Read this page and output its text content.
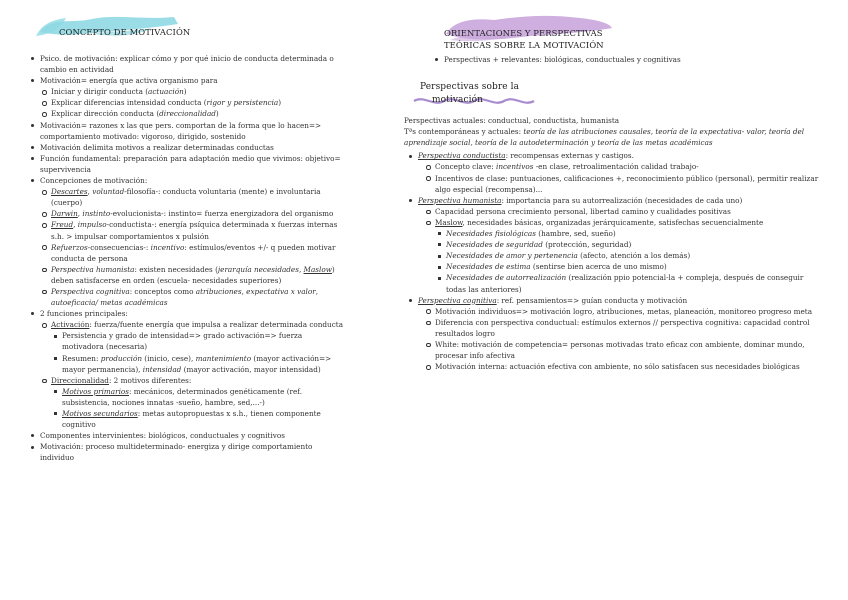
CONCEPTO DE MOTIVACIÓN
Psico. de motivación: explicar cómo y por qué inicio de conducta determinada o cambio en actividad
Motivación= energía que activa organismo para
Iniciar y dirigir conducta (actuación)
Explicar diferencias intensidad conducta (rigor y persistencia)
Explicar dirección conducta (direccionalidad)
Motivación= razones x las que pers. comportan de la forma que lo hacen=> comportamiento motivado: vigoroso, dirigido, sostenido
Motivación delimita motivos a realizar determinadas conductas
Función fundamental: preparación para adaptación medio que vivimos: objetivo= supervivencia
Concepciones de motivación:
Descartes, voluntad-filosofía-: conducta voluntaria (mente) e involuntaria (cuerpo)
Darwin, instinto-evolucionista-: instinto= fuerza energizadora del organismo
Freud, impulso-conductista-: energía psíquica determinada x fuerzas internas s.h. > impulsar comportamientos x pulsión
Refuerzos-consecuencias-: incentivo: estímulos/eventos +/- q pueden motivar conducta de persona
Perspectiva humanista: existen necesidades (jerarquía necesidades, Maslow) deben satisfacerse en orden (escuela- necesidades superiores)
Perspectiva cognitiva: conceptos como atribuciones, expectativa x valor, autoeficacia/ metas académicas
2 funciones principales:
Activación: fuerza/fuente energía que impulsa a realizar determinada conducta
Persistencia y grado de intensidad=> grado activación=> fuerza motivadora (necesaria)
Resumen: producción (inicio, cese), mantenimiento (mayor activación=> mayor permanencia), intensidad (mayor activación, mayor intensidad)
Direccionalidad: 2 motivos diferentes:
Motivos primarios: mecánicos, determinados genéticamente (ref. subsistencia, nociones innatas -sueño, hambre, sed,...-)
Motivos secundarios: metas autopropuestas x s.h., tienen componente cognitivo
Componentes intervinientes: biológicos, conductuales y cognitivos
Motivación: proceso multideterminado- energiza y dirige comportamiento individuo
ORIENTACIONES Y PERSPECTIVAS
TEÓRICAS SOBRE LA MOTIVACIÓN
Perspectivas + relevantes: biológicas, conductuales y cognitivas
Perspectivas sobre la
motivación

Perspectivas actuales: conductual, conductista, humanista

Tªs contemporáneas y actuales: teoría de las atribuciones causales, teoría de la expectativa- valor, teoría del aprendizaje social, teoría de la autodeterminación y teoría de las metas académicas

Perspectiva conductista: recompensas externas y castigos.
Concepto clave: incentivos -en clase, retroalimentación calidad trabajo-
Incentivos de clase: puntuaciones, calificaciones +, reconocimiento público (personal), permitir realizar algo especial (recompensa)...
Perspectiva humanista: importancia para su autorrealización (necesidades de cada uno)
Capacidad persona crecimiento personal, libertad camino y cualidades positivas
Maslow, necesidades básicas, organizadas jerárquicamente, satisfechas secuencialmente
Necesidades fisiológicas (hambre, sed, sueño)
Necesidades de seguridad (protección, seguridad)
Necesidades de amor y pertenencia (afecto, atención a los demás)
Necesidades de estima (sentirse bien acerca de uno mismo)
Necesidades de autorrealización (realización ppio potencial-la + compleja, después de conseguir todas las anteriores)
Perspectiva cognitiva: ref. pensamientos=> guían conducta y motivación
Motivación individuos=> motivación logro, atribuciones, metas, planeación, monitoreo progreso meta
Diferencia con perspectiva conductual: estímulos externos // perspectiva cognitiva: capacidad control resultados logro
White: motivación de competencia= personas motivadas trato eficaz con ambiente, dominar mundo, procesar info afectiva
Motivación interna: actuación efectiva con ambiente, no sólo satisfacen sus necesidades biológicas
